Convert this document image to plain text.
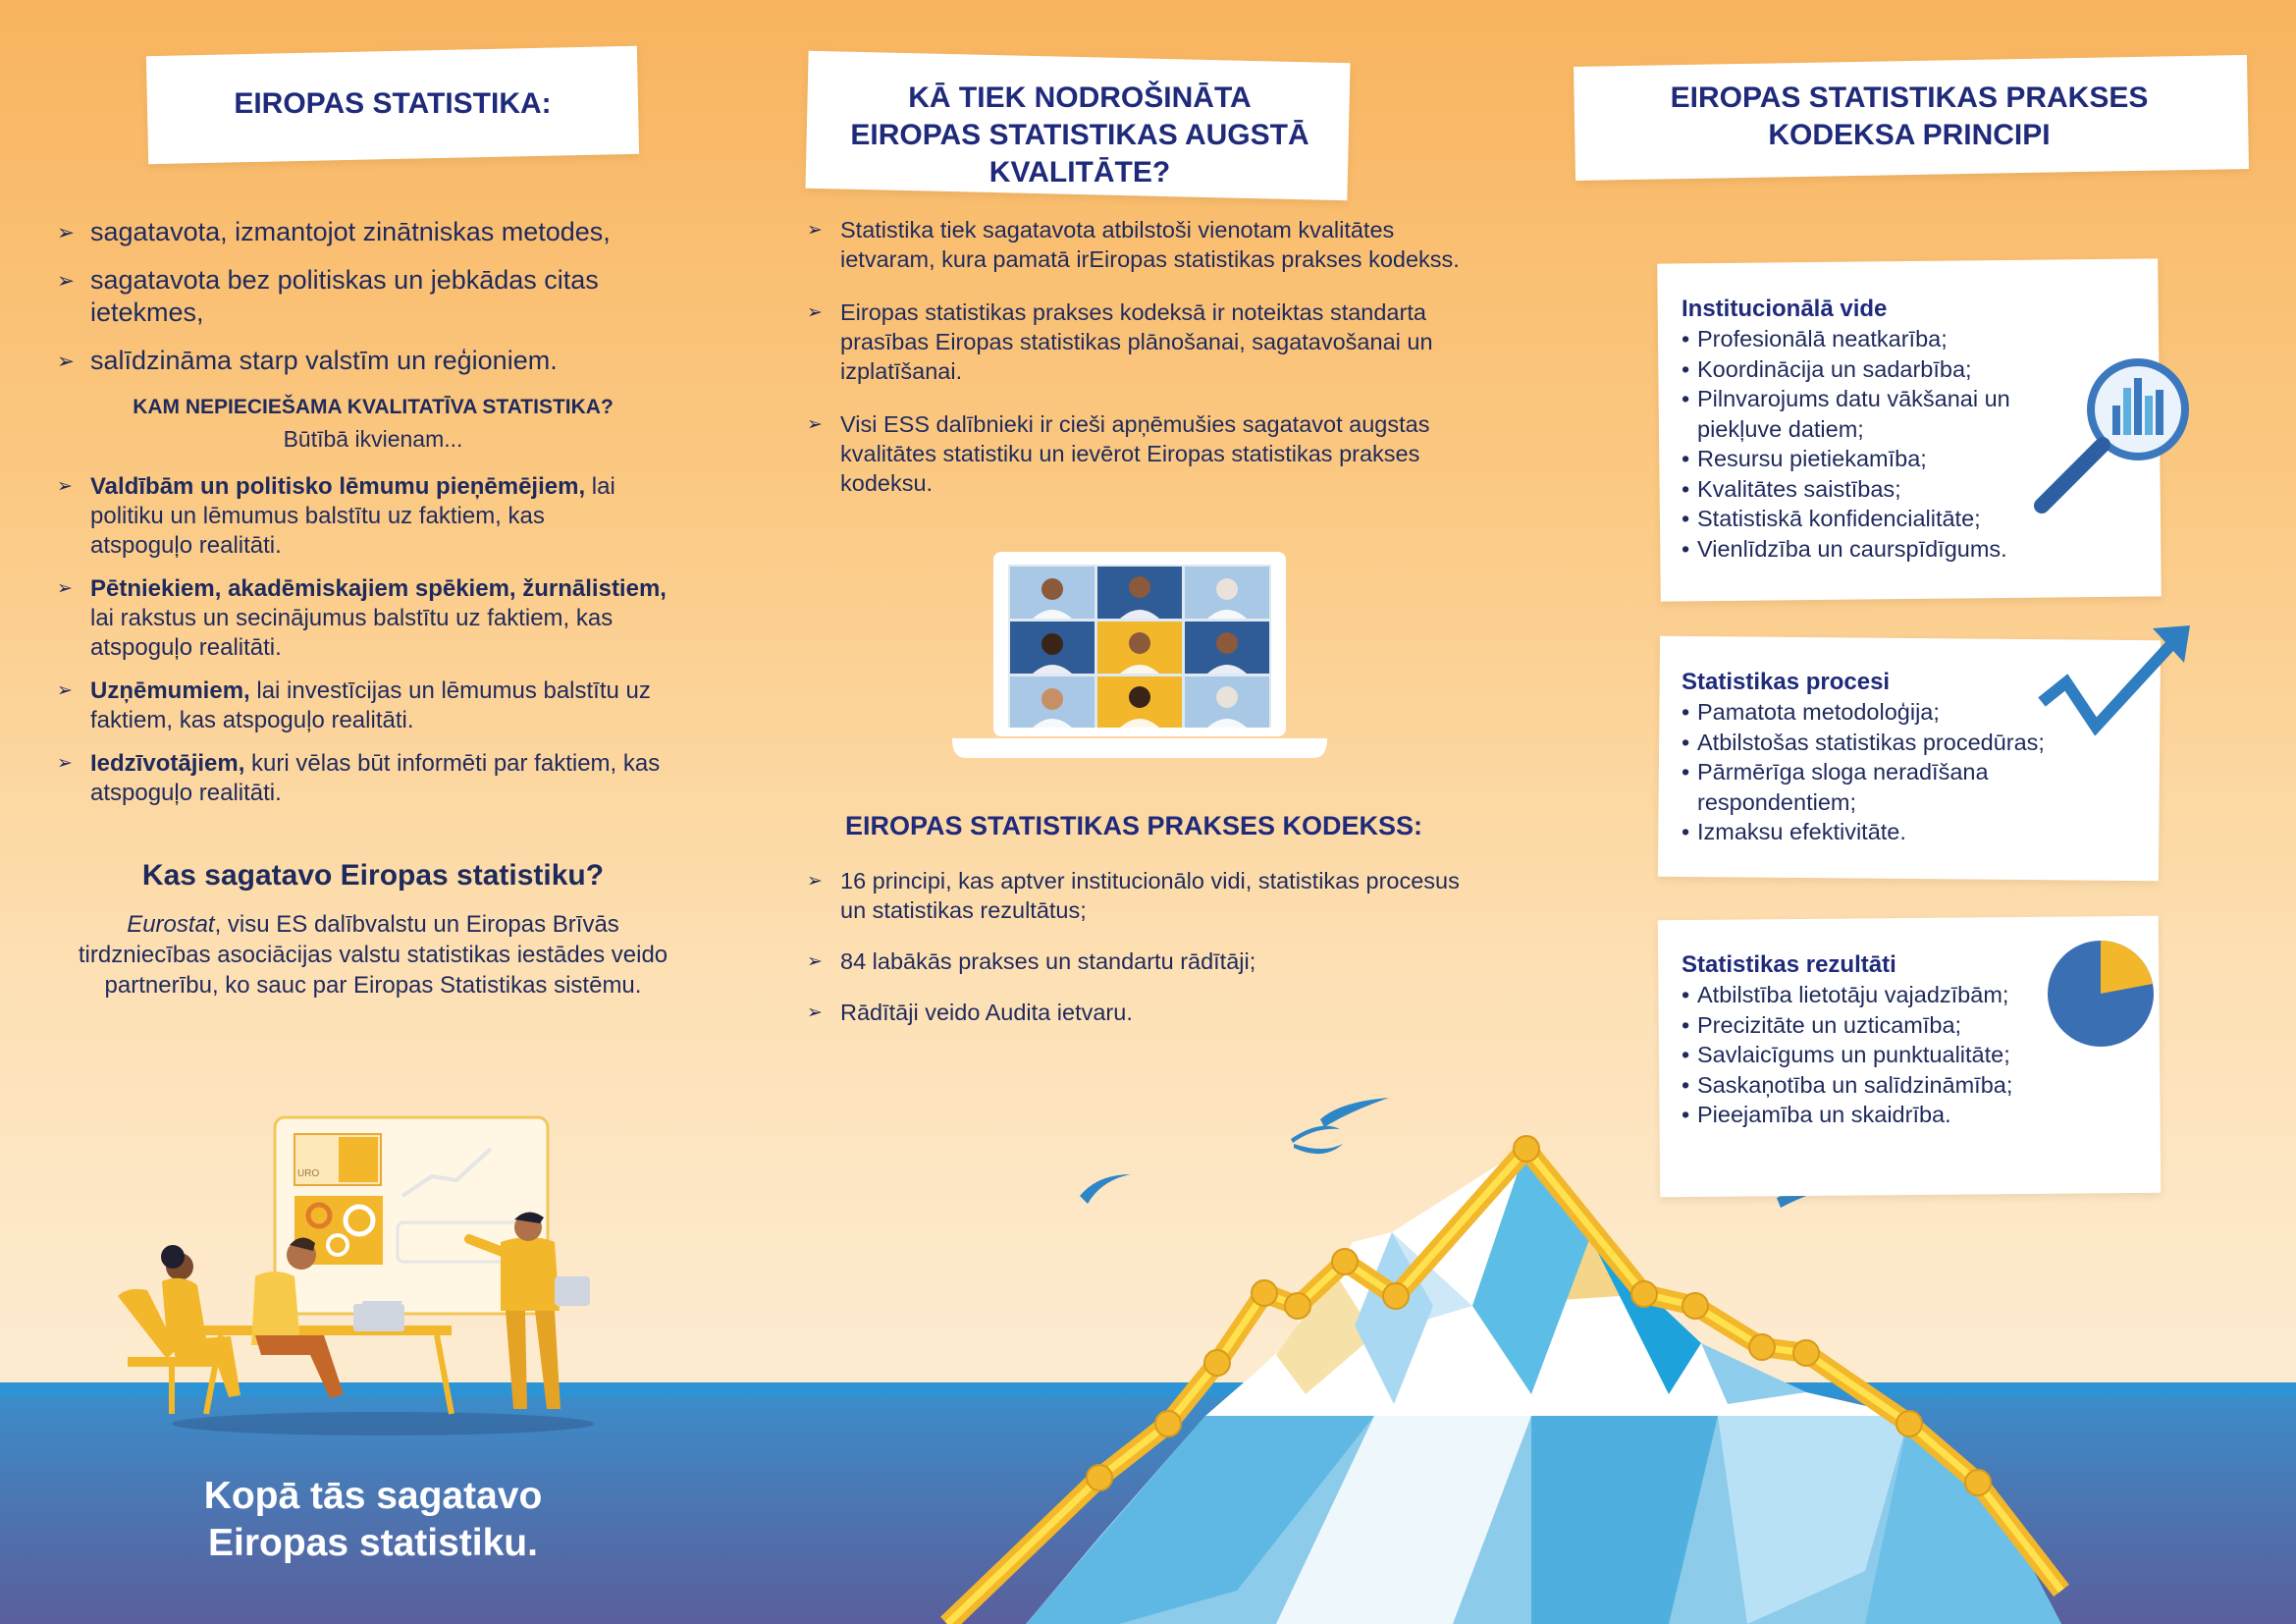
EIROPAS STATISTIKA:
➢ sagatavota, izmantojot zinātniskas metodes,
➢ sagatavota bez politiskas un jebkādas citas ietekmes,
➢ salīdzināma starp valstīm un reģioniem.
KAM NEPIECIEŠAMA KVALITATĪVA STATISTIKA?
Būtībā ikvienam...
➢ Valdībām un politisko lēmumu pieņēmējiem, lai politiku un lēmumus balstītu uz faktiem, kas atspoguļo realitāti.
➢ Pētniekiem, akadēmiskajiem spēkiem, žurnālistiem, lai rakstus un secinājumus balstītu uz faktiem, kas atspoguļo realitāti.
➢ Uzņēmumiem, lai investīcijas un lēmumus balstītu uz faktiem, kas atspoguļo realitāti.
➢ Iedzīvotājiem, kuri vēlas būt informēti par faktiem, kas atspoguļo realitāti.
Kas sagatavo Eiropas statistiku?
Eurostat, visu ES dalībvalstu un Eiropas Brīvās tirdzniecības asociācijas valstu statistikas iestādes veido partnerību, ko sauc par Eiropas Statistikas sistēmu.
Kopā tās sagatavo Eiropas statistiku.
URO
KĀ TIEK NODROŠINĀTA EIROPAS STATISTIKAS AUGSTĀ KVALITĀTE?
➢ Statistika tiek sagatavota atbilstoši vienotam kvalitātes ietvaram, kura pamatā irEiropas statistikas prakses kodekss.
➢ Eiropas statistikas prakses kodeksā ir noteiktas standarta prasības Eiropas statistikas plānošanai, sagatavošanai un izplatīšanai.
➢ Visi ESS dalībnieki ir cieši apņēmušies sagatavot augstas kvalitātes statistiku un ievērot Eiropas statistikas prakses kodeksu.
EIROPAS STATISTIKAS PRAKSES KODEKSS:
➢ 16 principi, kas aptver institucionālo vidi, statistikas procesus un statistikas rezultātus;
➢ 84 labākās prakses un standartu rādītāji;
➢ Rādītāji veido Audita ietvaru.
EIROPAS STATISTIKAS PRAKSES KODEKSA PRINCIPI
Institucionālā vide
• Profesionālā neatkarība;
• Koordinācija un sadarbība;
• Pilnvarojums datu vākšanai un piekļuve datiem;
• Resursu pietiekamība;
• Kvalitātes saistības;
• Statistiskā konfidencialitāte;
• Vienlīdzība un caurspīdīgums.
Statistikas procesi
• Pamatota metodoloģija;
• Atbilstošas statistikas procedūras;
• Pārmērīga sloga neradīšana respondentiem;
• Izmaksu efektivitāte.
Statistikas rezultāti
• Atbilstība lietotāju vajadzībām;
• Precizitāte un uzticamība;
• Savlaicīgums un punktualitāte;
• Saskaņotība un salīdzināmība;
• Pieejamība un skaidrība.
